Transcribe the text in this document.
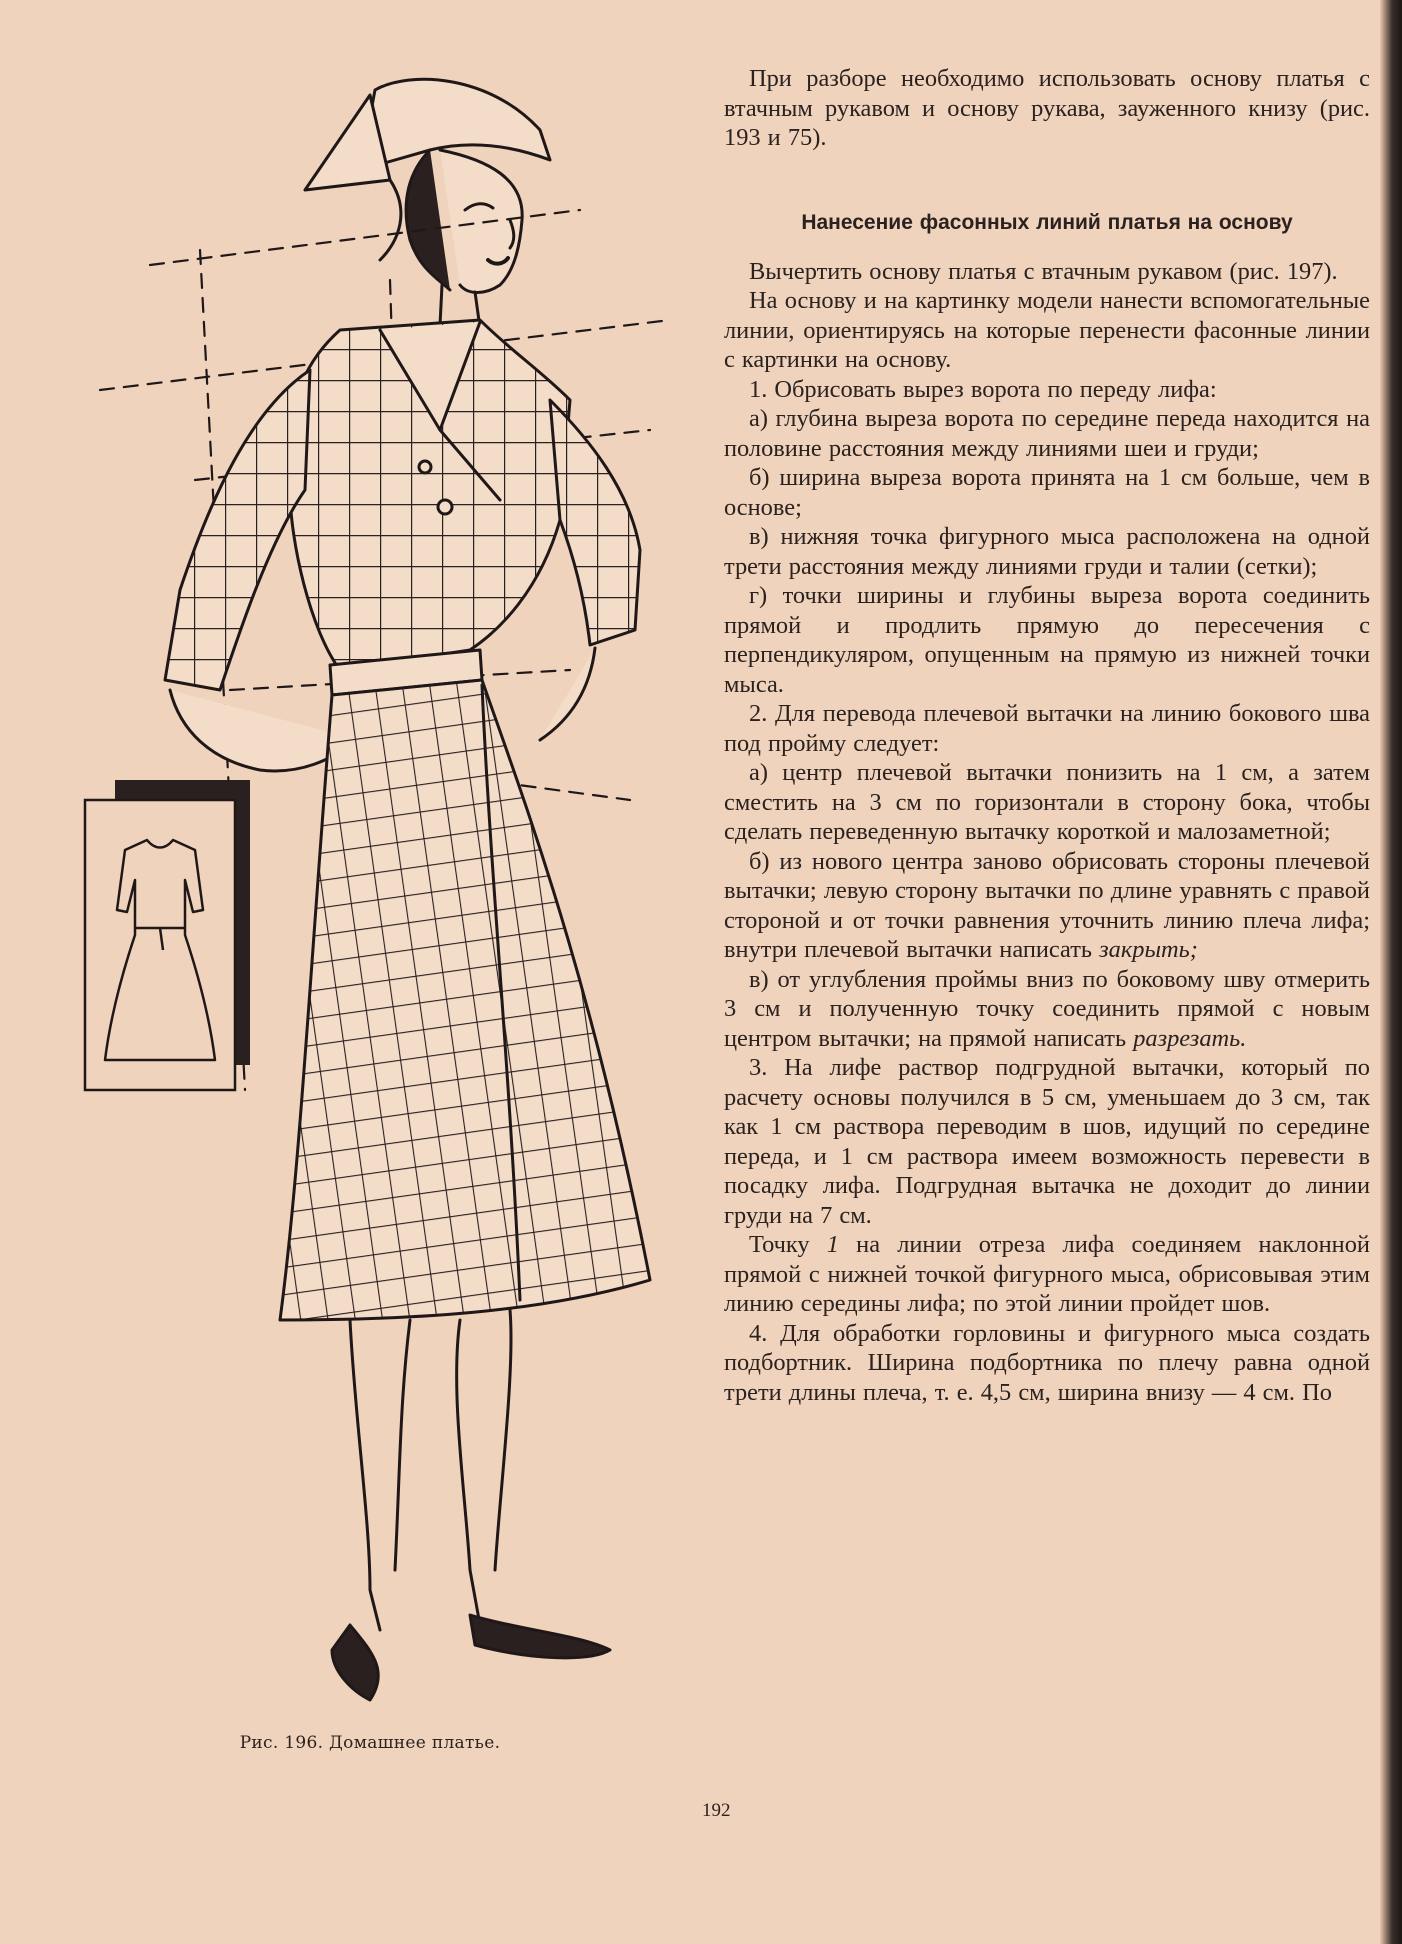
Рис. 196. Домашнее платье.

При разборе необходимо использовать основу платья с втачным рукавом и основу рукава, зауженного книзу (рис. 193 и 75).

Нанесение фасонных линий платья на основу

Вычертить основу платья с втачным рукавом (рис. 197).

На основу и на картинку модели нанести вспомогательные линии, ориентируясь на которые перенести фасонные линии с картинки на основу.

1. Обрисовать вырез ворота по переду лифа:

а) глубина выреза ворота по середине переда находится на половине расстояния между линиями шеи и груди;

б) ширина выреза ворота принята на 1 см больше, чем в основе;

в) нижняя точка фигурного мыса расположена на одной трети расстояния между линиями груди и талии (сетки);

г) точки ширины и глубины выреза ворота соединить прямой и продлить прямую до пересечения с перпендикуляром, опущенным на прямую из нижней точки мыса.

2. Для перевода плечевой вытачки на линию бокового шва под пройму следует:

а) центр плечевой вытачки понизить на 1 см, а затем сместить на 3 см по горизонтали в сторону бока, чтобы сделать переведенную вытачку короткой и малозаметной;

б) из нового центра заново обрисовать стороны плечевой вытачки; левую сторону вытачки по длине уравнять с правой стороной и от точки равнения уточнить линию плеча лифа; внутри плечевой вытачки написать закрыть;

в) от углубления проймы вниз по боковому шву отмерить 3 см и полученную точку соединить прямой с новым центром вытачки; на прямой написать разрезать.

3. На лифе раствор подгрудной вытачки, который по расчету основы получился в 5 см, уменьшаем до 3 см, так как 1 см раствора переводим в шов, идущий по середине переда, и 1 см раствора имеем возможность перевести в посадку лифа. Подгрудная вытачка не доходит до линии груди на 7 см.

Точку 1 на линии отреза лифа соединяем наклонной прямой с нижней точкой фигурного мыса, обрисовывая этим линию середины лифа; по этой линии пройдет шов.

4. Для обработки горловины и фигурного мыса создать подбортник. Ширина подбортника по плечу равна одной трети длины плеча, т. е. 4,5 см, ширина внизу — 4 см. По

192
